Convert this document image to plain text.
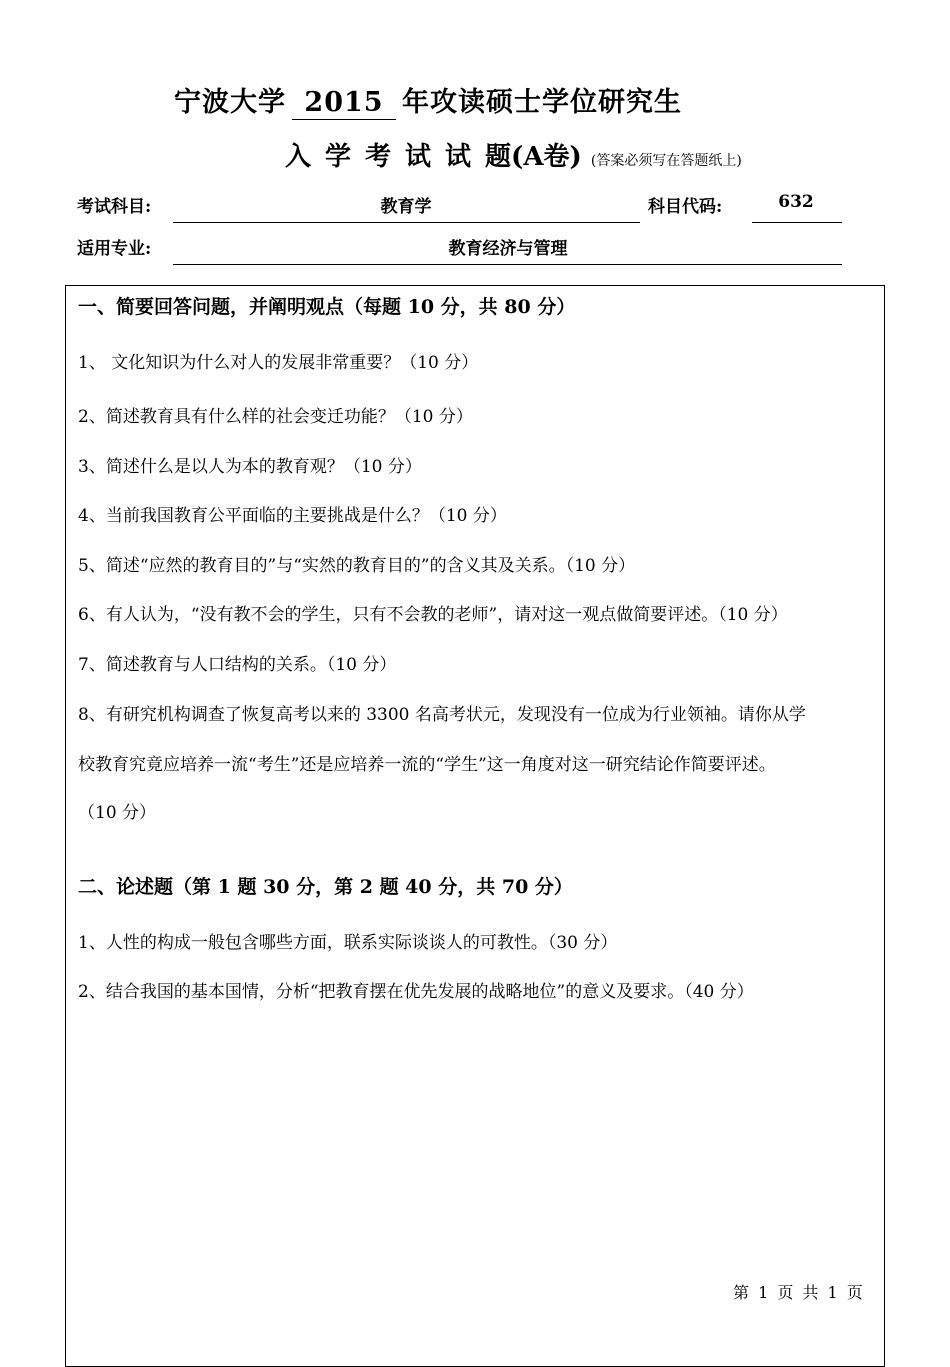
宁波大学 2015 年攻读硕士学位研究生
入学考试试题(A卷) (答案必须写在答题纸上)
考试科目:	教育学	科目代码:	632
适用专业:	教育经济与管理
一、简要回答问题，并阐明观点（每题 10 分，共 80 分）
1、 文化知识为什么对人的发展非常重要？（10 分）
2、简述教育具有什么样的社会变迁功能？（10 分）
3、简述什么是以人为本的教育观？（10 分）
4、当前我国教育公平面临的主要挑战是什么？（10 分）
5、简述“应然的教育目的”与“实然的教育目的”的含义其及关系。（10 分）
6、有人认为，“没有教不会的学生，只有不会教的老师”，请对这一观点做简要评述。（10 分）
7、简述教育与人口结构的关系。（10 分）
8、有研究机构调查了恢复高考以来的 3300 名高考状元，发现没有一位成为行业领袖。请你从学
校教育究竟应培养一流“考生”还是应培养一流的“学生”这一角度对这一研究结论作简要评述。
（10 分）
二、论述题（第 1 题 30 分，第 2 题 40 分，共 70 分）
1、人性的构成一般包含哪些方面，联系实际谈谈人的可教性。（30 分）
2、结合我国的基本国情，分析“把教育摆在优先发展的战略地位”的意义及要求。（40 分）
第 1 页 共 1 页
